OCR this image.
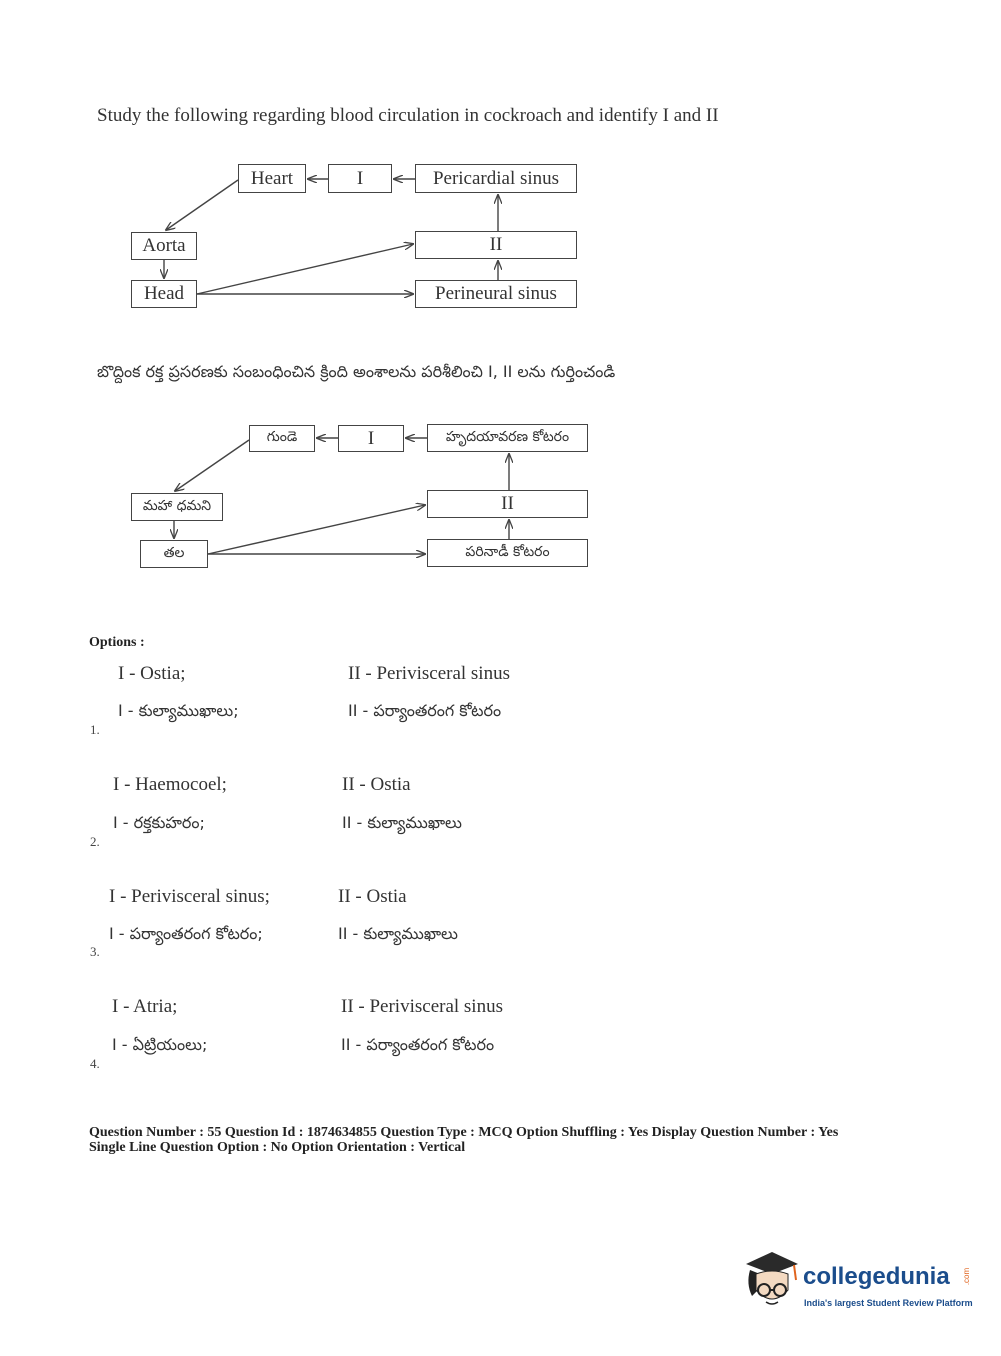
Study the following regarding blood circulation in cockroach and identify I and II
Heart	I	Pericardial sinus
Aorta	II
Head	Perineural sinus
బొద్దింక రక్త ప్రసరణకు సంబంధించిన క్రింది అంశాలను పరిశీలించి I, II లను గుర్తించండి
గుండె	I	హృదయావరణ కోటరం
మహా ధమని	II
తల	పరినాడీ కోటరం
Options :
I - Ostia;	II - Perivisceral sinus
I - కుల్యాముఖాలు;	II - పర్యాంతరంగ కోటరం
1.
I - Haemocoel;	II - Ostia
I - రక్తకుహరం;	II - కుల్యాముఖాలు
2.
I - Perivisceral sinus;	II - Ostia
I - పర్యాంతరంగ కోటరం;	II - కుల్యాముఖాలు
3.
I - Atria;	II - Perivisceral sinus
I - ఏట్రియంలు;	II - పర్యాంతరంగ కోటరం
4.
Question Number : 55 Question Id : 1874634855 Question Type : MCQ Option Shuffling : Yes Display Question Number : Yes
Single Line Question Option : No Option Orientation : Vertical
collegedunia .com
India's largest Student Review Platform
